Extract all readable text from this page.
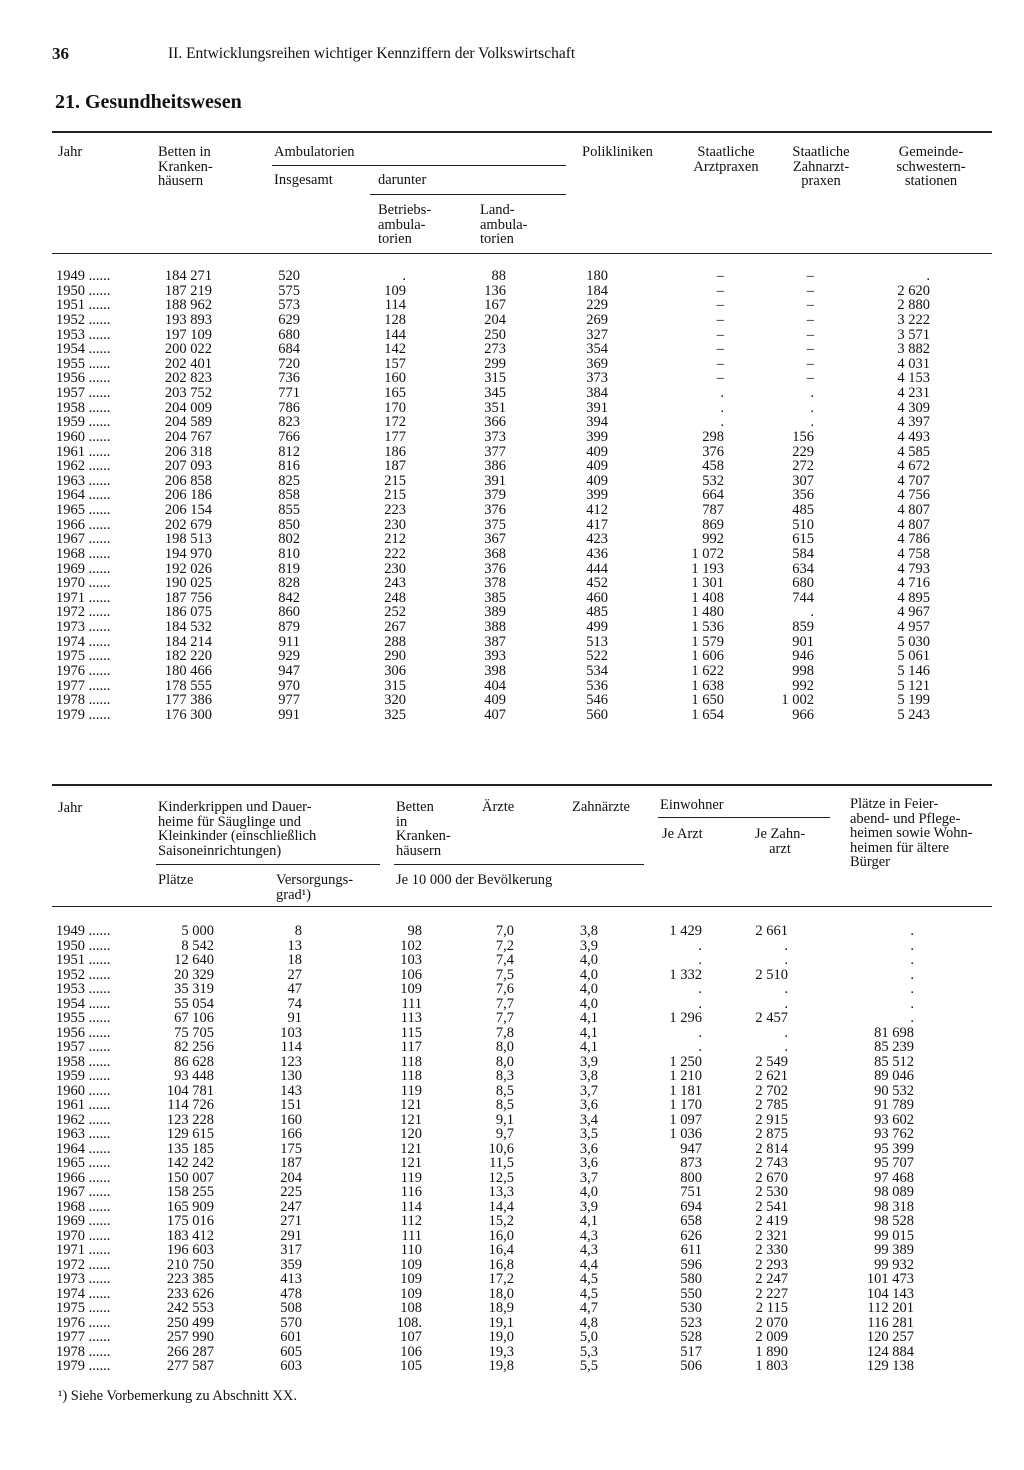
36	II. Entwicklungsreihen wichtiger Kennziffern der Volkswirtschaft
21. Gesundheitswesen
Jahr	Betten in
Kranken-
häusern
Ambulatorien
Insgesamt	darunter
Betriebs-
ambula-
torien
Land-
ambula-
torien
Polikliniken	Staatliche
Arztpraxen
Staatliche
Zahnarzt-
praxen
Gemeinde-
schwestern-
stationen
1949 ......	184 271	520	.	88	180	–	–	.
1950 ......	187 219	575	109	136	184	–	–	2 620
1951 ......	188 962	573	114	167	229	–	–	2 880
1952 ......	193 893	629	128	204	269	–	–	3 222
1953 ......	197 109	680	144	250	327	–	–	3 571
1954 ......	200 022	684	142	273	354	–	–	3 882
1955 ......	202 401	720	157	299	369	–	–	4 031
1956 ......	202 823	736	160	315	373	–	–	4 153
1957 ......	203 752	771	165	345	384	.	.	4 231
1958 ......	204 009	786	170	351	391	.	.	4 309
1959 ......	204 589	823	172	366	394	.	.	4 397
1960 ......	204 767	766	177	373	399	298	156	4 493
1961 ......	206 318	812	186	377	409	376	229	4 585
1962 ......	207 093	816	187	386	409	458	272	4 672
1963 ......	206 858	825	215	391	409	532	307	4 707
1964 ......	206 186	858	215	379	399	664	356	4 756
1965 ......	206 154	855	223	376	412	787	485	4 807
1966 ......	202 679	850	230	375	417	869	510	4 807
1967 ......	198 513	802	212	367	423	992	615	4 786
1968 ......	194 970	810	222	368	436	1 072	584	4 758
1969 ......	192 026	819	230	376	444	1 193	634	4 793
1970 ......	190 025	828	243	378	452	1 301	680	4 716
1971 ......	187 756	842	248	385	460	1 408	744	4 895
1972 ......	186 075	860	252	389	485	1 480	.	4 967
1973 ......	184 532	879	267	388	499	1 536	859	4 957
1974 ......	184 214	911	288	387	513	1 579	901	5 030
1975 ......	182 220	929	290	393	522	1 606	946	5 061
1976 ......	180 466	947	306	398	534	1 622	998	5 146
1977 ......	178 555	970	315	404	536	1 638	992	5 121
1978 ......	177 386	977	320	409	546	1 650	1 002	5 199
1979 ......	176 300	991	325	407	560	1 654	966	5 243
Jahr	Kinderkrippen und Dauer-
heime für Säuglinge und
Kleinkinder (einschließlich
Saisoneinrichtungen)
Plätze	Versorgungs-
grad¹)
Betten
in
Kranken-
häusern
Ärzte	Zahnärzte
Je 10 000 der Bevölkerung
Einwohner
Je Arzt	Je Zahn-
arzt
Plätze in Feier-
abend- und Pflege-
heimen sowie Wohn-
heimen für ältere
Bürger
1949 ......	5 000	8	98	7,0	3,8	1 429	2 661	.
1950 ......	8 542	13	102	7,2	3,9	.	.	.
1951 ......	12 640	18	103	7,4	4,0	.	.	.
1952 ......	20 329	27	106	7,5	4,0	1 332	2 510	.
1953 ......	35 319	47	109	7,6	4,0	.	.	.
1954 ......	55 054	74	111	7,7	4,0	.	.	.
1955 ......	67 106	91	113	7,7	4,1	1 296	2 457	.
1956 ......	75 705	103	115	7,8	4,1	.	.	81 698
1957 ......	82 256	114	117	8,0	4,1	.	.	85 239
1958 ......	86 628	123	118	8,0	3,9	1 250	2 549	85 512
1959 ......	93 448	130	118	8,3	3,8	1 210	2 621	89 046
1960 ......	104 781	143	119	8,5	3,7	1 181	2 702	90 532
1961 ......	114 726	151	121	8,5	3,6	1 170	2 785	91 789
1962 ......	123 228	160	121	9,1	3,4	1 097	2 915	93 602
1963 ......	129 615	166	120	9,7	3,5	1 036	2 875	93 762
1964 ......	135 185	175	121	10,6	3,6	947	2 814	95 399
1965 ......	142 242	187	121	11,5	3,6	873	2 743	95 707
1966 ......	150 007	204	119	12,5	3,7	800	2 670	97 468
1967 ......	158 255	225	116	13,3	4,0	751	2 530	98 089
1968 ......	165 909	247	114	14,4	3,9	694	2 541	98 318
1969 ......	175 016	271	112	15,2	4,1	658	2 419	98 528
1970 ......	183 412	291	111	16,0	4,3	626	2 321	99 015
1971 ......	196 603	317	110	16,4	4,3	611	2 330	99 389
1972 ......	210 750	359	109	16,8	4,4	596	2 293	99 932
1973 ......	223 385	413	109	17,2	4,5	580	2 247	101 473
1974 ......	233 626	478	109	18,0	4,5	550	2 227	104 143
1975 ......	242 553	508	108	18,9	4,7	530	2 115	112 201
1976 ......	250 499	570	108.	19,1	4,8	523	2 070	116 281
1977 ......	257 990	601	107	19,0	5,0	528	2 009	120 257
1978 ......	266 287	605	106	19,3	5,3	517	1 890	124 884
1979 ......	277 587	603	105	19,8	5,5	506	1 803	129 138
¹) Siehe Vorbemerkung zu Abschnitt XX.
